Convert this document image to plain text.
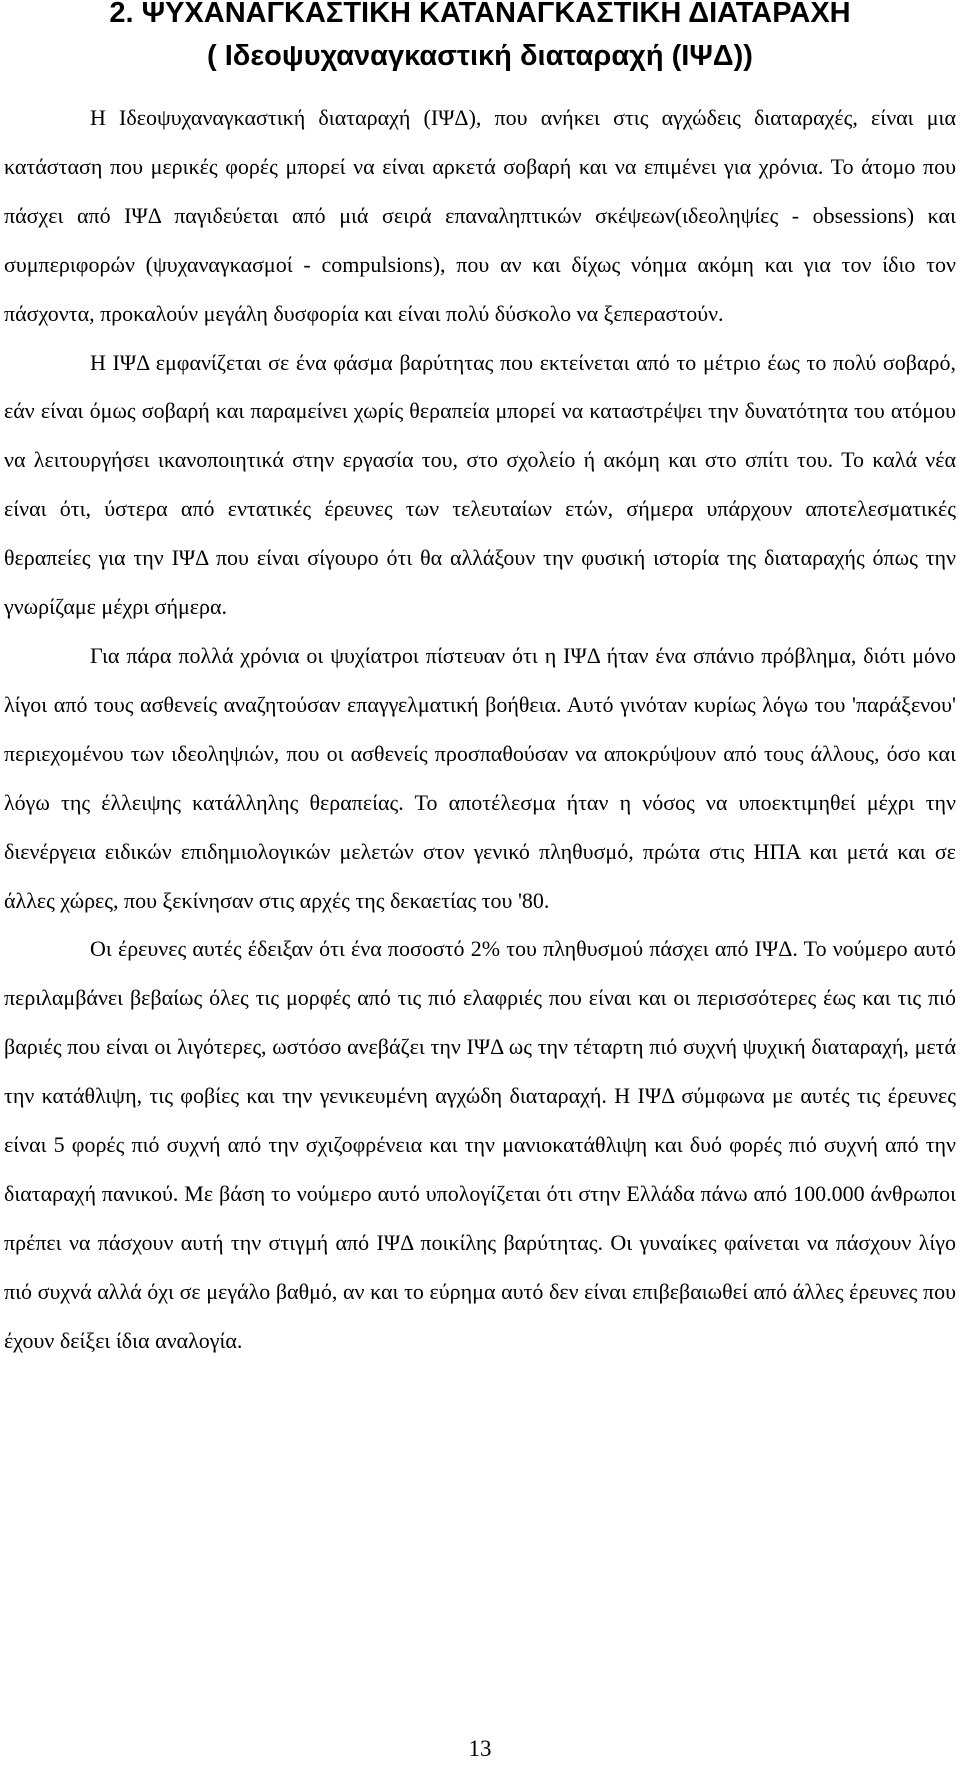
2. ΨΥΧΑΝΑΓΚΑΣΤΙΚΗ ΚΑΤΑΝΑΓΚΑΣΤΙΚΗ ΔΙΑΤΑΡΑΧΗ
( Ιδεοψυχαναγκαστική διαταραχή (ΙΨΔ))

Η Ιδεοψυχαναγκαστική διαταραχή (ΙΨΔ), που ανήκει στις αγχώδεις διαταραχές, είναι μια κατάσταση που μερικές φορές μπορεί να είναι αρκετά σοβαρή και να επιμένει για χρόνια. Το άτομο που πάσχει από ΙΨΔ παγιδεύεται από μιά σειρά επαναληπτικών σκέψεων(ιδεοληψίες - obsessions) και συμπεριφορών (ψυχαναγκασμοί - compulsions), που αν και δίχως νόημα ακόμη και για τον ίδιο τον πάσχοντα, προκαλούν μεγάλη δυσφορία και είναι πολύ δύσκολο να ξεπεραστούν.

Η ΙΨΔ εμφανίζεται σε ένα φάσμα βαρύτητας που εκτείνεται από το μέτριο έως το πολύ σοβαρό, εάν είναι όμως σοβαρή και παραμείνει χωρίς θεραπεία μπορεί να καταστρέψει την δυνατότητα του ατόμου να λειτουργήσει ικανοποιητικά στην εργασία του, στο σχολείο ή ακόμη και στο σπίτι του. Το καλά νέα είναι ότι, ύστερα από εντατικές έρευνες των τελευταίων ετών, σήμερα υπάρχουν αποτελεσματικές θεραπείες για την ΙΨΔ που είναι σίγουρο ότι θα αλλάξουν την φυσική ιστορία της διαταραχής όπως την γνωρίζαμε μέχρι σήμερα.

Για πάρα πολλά χρόνια οι ψυχίατροι πίστευαν ότι η ΙΨΔ ήταν ένα σπάνιο πρόβλημα, διότι μόνο λίγοι από τους ασθενείς αναζητούσαν επαγγελματική βοήθεια. Αυτό γινόταν κυρίως λόγω του 'παράξενου' περιεχομένου των ιδεοληψιών, που οι ασθενείς προσπαθούσαν να αποκρύψουν από τους άλλους, όσο και λόγω της έλλειψης κατάλληλης θεραπείας. Το αποτέλεσμα ήταν η νόσος να υποεκτιμηθεί μέχρι την διενέργεια ειδικών επιδημιολογικών μελετών στον γενικό πληθυσμό, πρώτα στις ΗΠΑ και μετά και σε άλλες χώρες, που ξεκίνησαν στις αρχές της δεκαετίας του '80.

Οι έρευνες αυτές έδειξαν ότι ένα ποσοστό 2% του πληθυσμού πάσχει από ΙΨΔ. Το νούμερο αυτό περιλαμβάνει βεβαίως όλες τις μορφές από τις πιό ελαφριές που είναι και οι περισσότερες έως και τις πιό βαριές που είναι οι λιγότερες, ωστόσο ανεβάζει την ΙΨΔ ως την τέταρτη πιό συχνή ψυχική διαταραχή, μετά την κατάθλιψη, τις φοβίες και την γενικευμένη αγχώδη διαταραχή. Η ΙΨΔ σύμφωνα με αυτές τις έρευνες είναι 5 φορές πιό συχνή από την σχιζοφρένεια και την μανιοκατάθλιψη και δυό φορές πιό συχνή από την διαταραχή πανικού. Με βάση το νούμερο αυτό υπολογίζεται ότι στην Ελλάδα πάνω από 100.000 άνθρωποι πρέπει να πάσχουν αυτή την στιγμή από ΙΨΔ ποικίλης βαρύτητας. Οι γυναίκες φαίνεται να πάσχουν λίγο πιό συχνά αλλά όχι σε μεγάλο βαθμό, αν και το εύρημα αυτό δεν είναι επιβεβαιωθεί από άλλες έρευνες που έχουν δείξει ίδια αναλογία.

13
